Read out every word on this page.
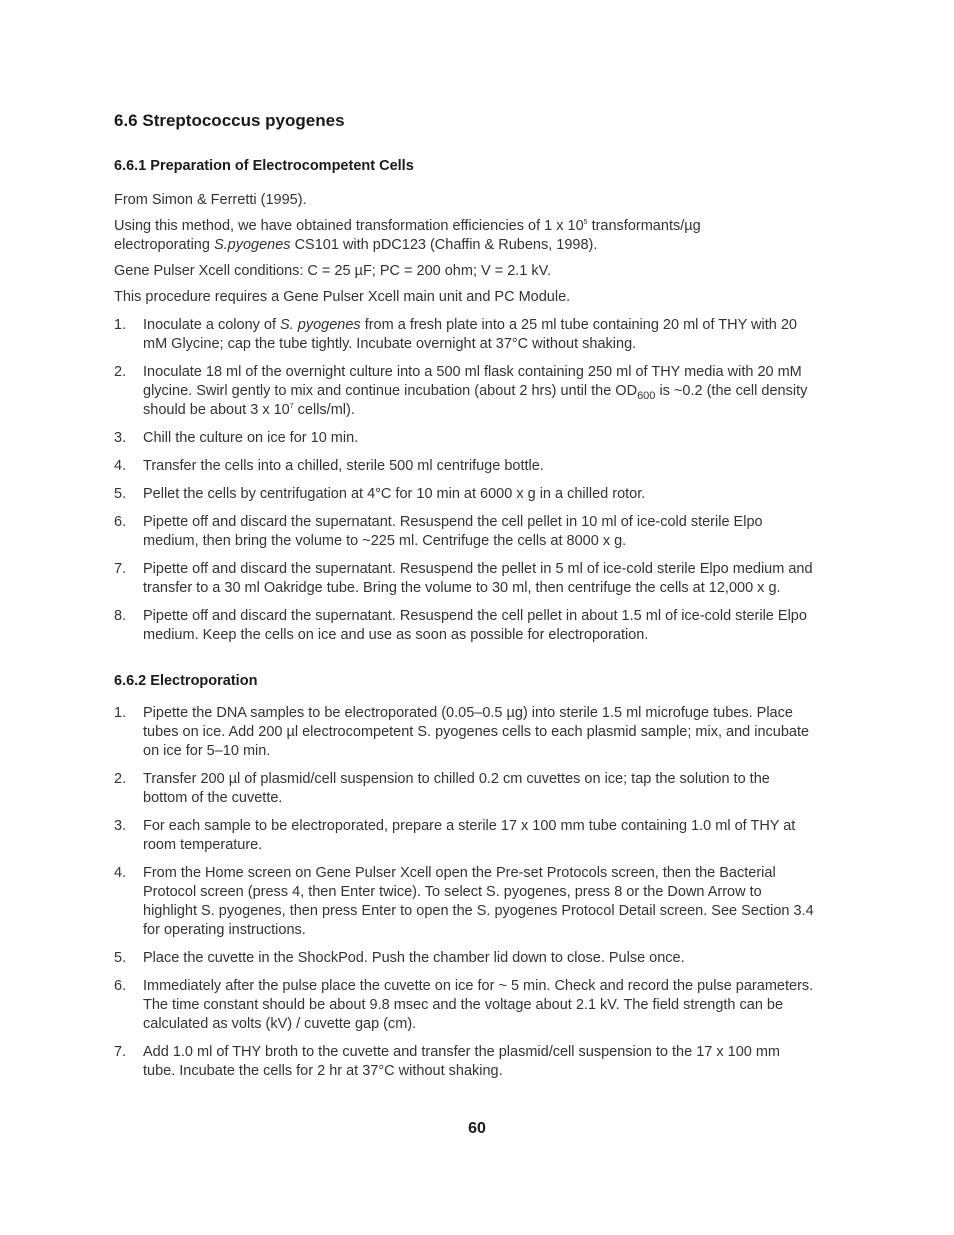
6.6 Streptococcus pyogenes
6.6.1 Preparation of Electrocompetent Cells

From Simon & Ferretti (1995).

Using this method, we have obtained transformation efficiencies of 1 x $10^5$ transformants/µg
electroporating S.pyogenes CS101 with pDC123 (Chaffin & Rubens, 1998).

Gene Pulser Xcell conditions: C = 25 µF; PC = 200 ohm; V = 2.1 kV.

This procedure requires a Gene Pulser Xcell main unit and PC Module.

1. Inoculate a colony of S. pyogenes from a fresh plate into a 25 ml tube containing 20 ml of THY with 20 mM Glycine; cap the tube tightly. Incubate overnight at 37°C without shaking.
2. Inoculate 18 ml of the overnight culture into a 500 ml flask containing 250 ml of THY media with 20 mM glycine. Swirl gently to mix and continue incubation (about 2 hrs) until the $OD_{600}$ is ~0.2 (the cell density should be about 3 x $10^7$ cells/ml).
3. Chill the culture on ice for 10 min.
4. Transfer the cells into a chilled, sterile 500 ml centrifuge bottle.
5. Pellet the cells by centrifugation at 4°C for 10 min at 6000 x g in a chilled rotor.
6. Pipette off and discard the supernatant. Resuspend the cell pellet in 10 ml of ice-cold sterile Elpo medium, then bring the volume to ~225 ml. Centrifuge the cells at 8000 x g.
7. Pipette off and discard the supernatant. Resuspend the pellet in 5 ml of ice-cold sterile Elpo medium and transfer to a 30 ml Oakridge tube. Bring the volume to 30 ml, then centrifuge the cells at 12,000 x g.
8. Pipette off and discard the supernatant. Resuspend the cell pellet in about 1.5 ml of ice-cold sterile Elpo medium. Keep the cells on ice and use as soon as possible for electroporation.
6.6.2 Electroporation
1. Pipette the DNA samples to be electroporated (0.05–0.5 µg) into sterile 1.5 ml microfuge tubes. Place tubes on ice. Add 200 µl electrocompetent S. pyogenes cells to each plasmid sample; mix, and incubate on ice for 5–10 min.
2. Transfer 200 µl of plasmid/cell suspension to chilled 0.2 cm cuvettes on ice; tap the solution to the bottom of the cuvette.
3. For each sample to be electroporated, prepare a sterile 17 x 100 mm tube containing 1.0 ml of THY at room temperature.
4. From the Home screen on Gene Pulser Xcell open the Pre-set Protocols screen, then the Bacterial Protocol screen (press 4, then Enter twice). To select S. pyogenes, press 8 or the Down Arrow to highlight S. pyogenes, then press Enter to open the S. pyogenes Protocol Detail screen. See Section 3.4 for operating instructions.
5. Place the cuvette in the ShockPod. Push the chamber lid down to close. Pulse once.
6. Immediately after the pulse place the cuvette on ice for ~ 5 min. Check and record the pulse parameters. The time constant should be about 9.8 msec and the voltage about 2.1 kV. The field strength can be calculated as volts (kV) / cuvette gap (cm).
7. Add 1.0 ml of THY broth to the cuvette and transfer the plasmid/cell suspension to the 17 x 100 mm tube. Incubate the cells for 2 hr at 37°C without shaking.
60
